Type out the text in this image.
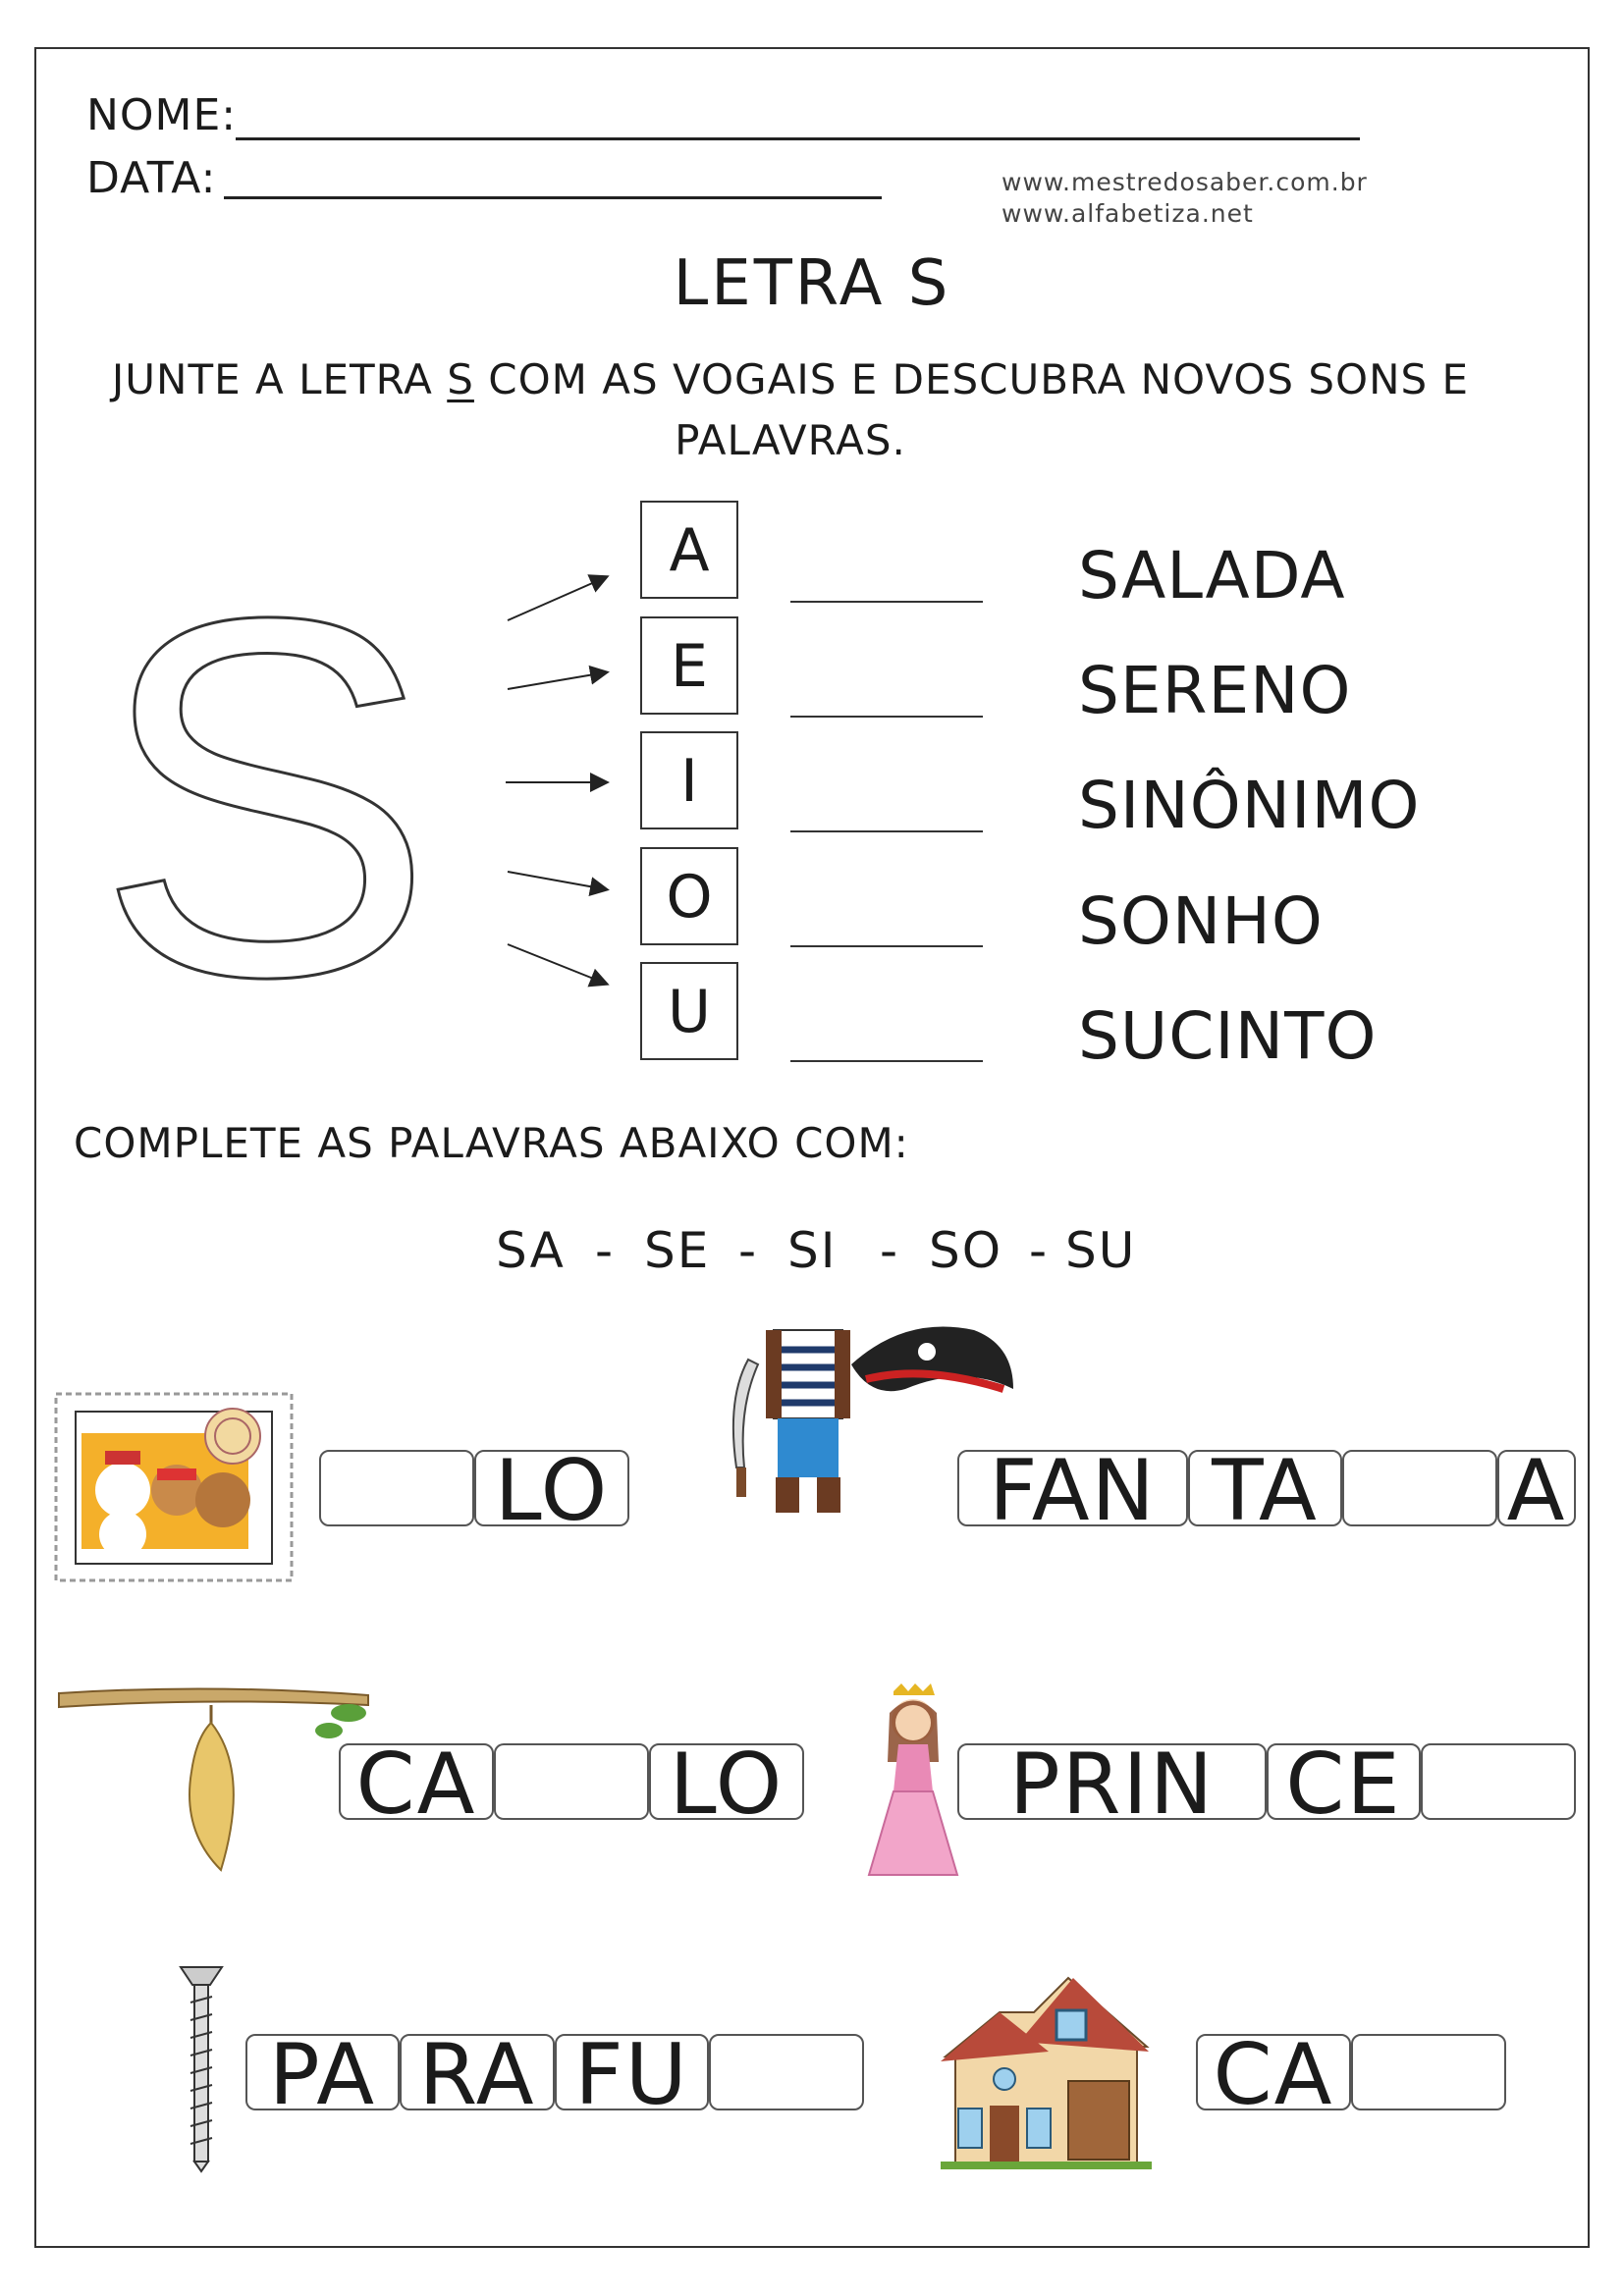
NOME:
DATA:	www.mestredosaber.com.br
www.alfabetiza.net
LETRA S
JUNTE A LETRA S COM AS VOGAIS E DESCUBRA NOVOS SONS E PALAVRAS.
S	A
E
I
O
U
SALADA
SERENO
SINÔNIMO
SONHO
SUCINTO
COMPLETE AS PALAVRAS ABAIXO COM:
SA - SE - SI - SO - SU
LO	FAN TA A
CA LO	PRIN CE
PA RA FU	CA
